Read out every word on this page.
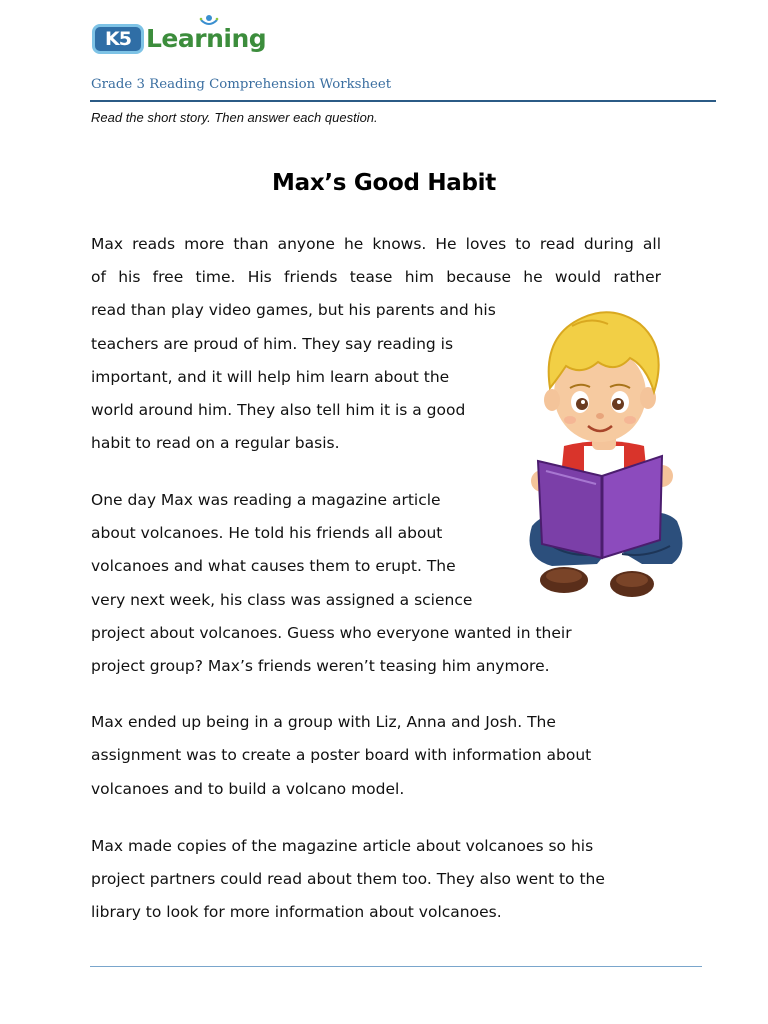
K5 Learning
Grade 3 Reading Comprehension Worksheet
Read the short story. Then answer each question.
Max’s Good Habit
Max reads more than anyone he knows. He loves to read during all
of his free time. His friends tease him because he would rather
read than play video games, but his parents and his
teachers are proud of him. They say reading is
important, and it will help him learn about the
world around him. They also tell him it is a good
habit to read on a regular basis.
One day Max was reading a magazine article
about volcanoes. He told his friends all about
volcanoes and what causes them to erupt. The
very next week, his class was assigned a science
project about volcanoes. Guess who everyone wanted in their
project group? Max’s friends weren’t teasing him anymore.
Max ended up being in a group with Liz, Anna and Josh. The
assignment was to create a poster board with information about
volcanoes and to build a volcano model.
Max made copies of the magazine article about volcanoes so his
project partners could read about them too. They also went to the
library to look for more information about volcanoes.
